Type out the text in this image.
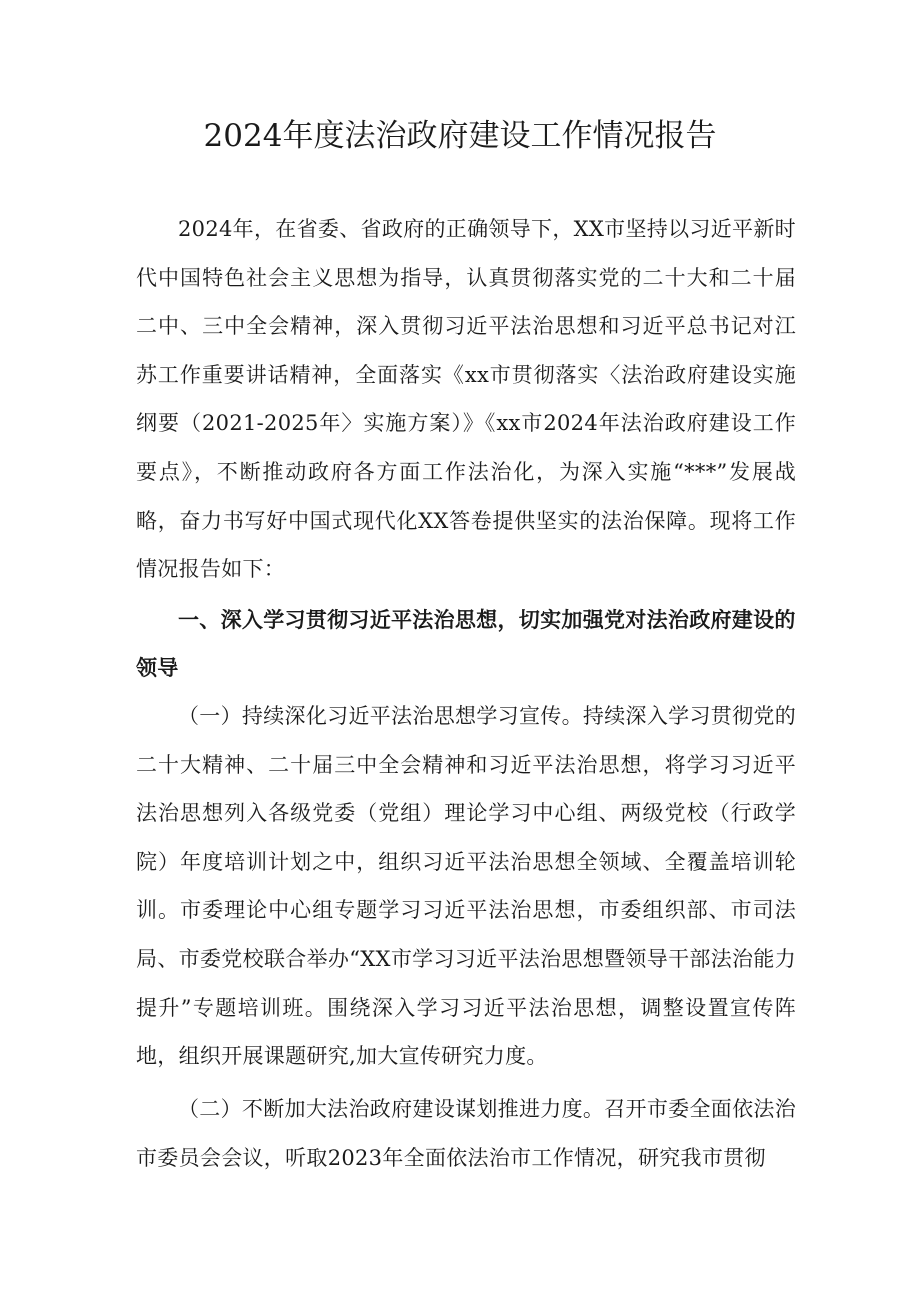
2024年度法治政府建设工作情况报告

2024年，在省委、省政府的正确领导下，XX市坚持以习近平新时代中国特色社会主义思想为指导，认真贯彻落实党的二十大和二十届二中、三中全会精神，深入贯彻习近平法治思想和习近平总书记对江苏工作重要讲话精神，全面落实《xx市贯彻落实〈法治政府建设实施纲要（2021-2025年〉实施方案）》《xx市2024年法治政府建设工作要点》，不断推动政府各方面工作法治化，为深入实施“***”发展战略，奋力书写好中国式现代化XX答卷提供坚实的法治保障。现将工作情况报告如下：

一、深入学习贯彻习近平法治思想，切实加强党对法治政府建设的领导

（一）持续深化习近平法治思想学习宣传。持续深入学习贯彻党的二十大精神、二十届三中全会精神和习近平法治思想，将学习习近平法治思想列入各级党委（党组）理论学习中心组、两级党校（行政学院）年度培训计划之中，组织习近平法治思想全领域、全覆盖培训轮训。市委理论中心组专题学习习近平法治思想，市委组织部、市司法局、市委党校联合举办“XX市学习习近平法治思想暨领导干部法治能力提升”专题培训班。围绕深入学习习近平法治思想，调整设置宣传阵地，组织开展课题研究,加大宣传研究力度。

（二）不断加大法治政府建设谋划推进力度。召开市委全面依法治市委员会会议，听取2023年全面依法治市工作情况，研究我市贯彻
